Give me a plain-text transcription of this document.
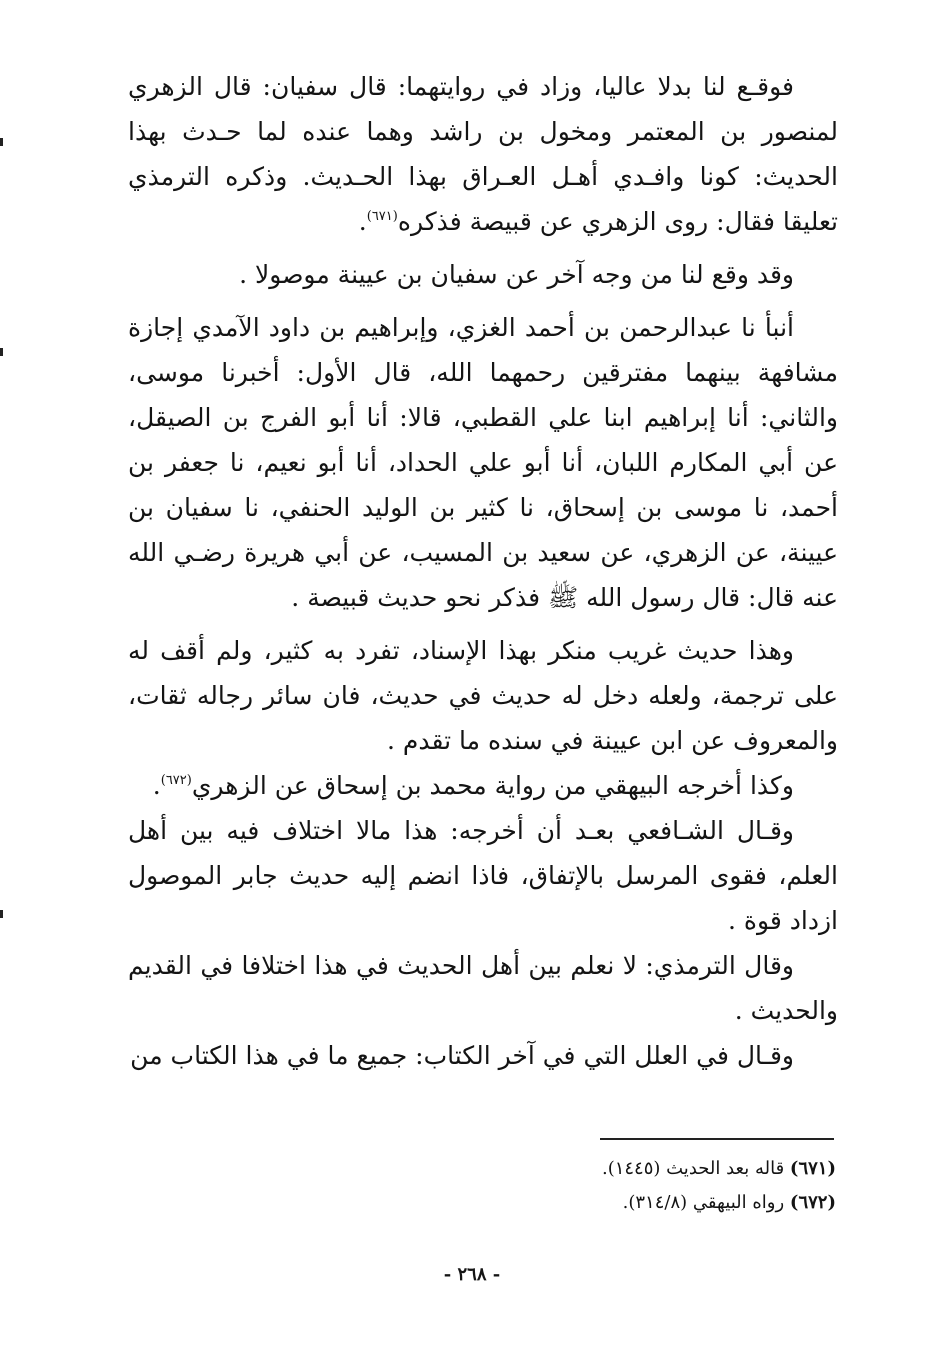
فوقـع لنا بدلا عاليا، وزاد في روايتهما: قال سفيان: قال الزهري لمنصور بن المعتمر ومخول بن راشد وهما عنده لما حـدث بهذا الحديث: كونا وافـدي أهـل العـراق بهذا الحـديث. وذكره الترمذي تعليقا فقال: روى الزهري عن قبيصة فذكره$^{(٦٧١)}$.

وقد وقع لنا من وجه آخر عن سفيان بن عيينة موصولا .

أنبأ نا عبدالرحمن بن أحمد الغزي، وإبراهيم بن داود الآمدي إجازة مشافهة بينهما مفترقين رحمهما الله، قال الأول: أخبرنا موسى، والثاني: أنا إبراهيم ابنا علي القطبي، قالا: أنا أبو الفرج بن الصيقل، عن أبي المكارم اللبان، أنا أبو علي الحداد، أنا أبو نعيم، نا جعفر بن أحمد، نا موسى بن إسحاق، نا كثير بن الوليد الحنفي، نا سفيان بن عيينة، عن الزهري، عن سعيد بن المسيب، عن أبي هريرة رضـي الله عنه قال: قال رسول الله ﷺ فذكر نحو حديث قبيصة .

وهذا حديث غريب منكر بهذا الإسناد، تفرد به كثير، ولم أقف له على ترجمة، ولعله دخل له حديث في حديث، فان سائر رجاله ثقات، والمعروف عن ابن عيينة في سنده ما تقدم .

وكذا أخرجه البيهقي من رواية محمد بن إسحاق عن الزهري$^{(٦٧٢)}$.

وقـال الشـافعي بعـد أن أخرجه: هذا مالا اختلاف فيه بين أهل العلم، فقوى المرسل بالإتفاق، فاذا انضم إليه حديث جابر الموصول ازداد قوة .

وقال الترمذي: لا نعلم بين أهل الحديث في هذا اختلافا في القديم والحديث .

وقـال في العلل التي في آخر الكتاب: جميع ما في هذا الكتاب من

(٦٧١) قاله بعد الحديث (١٤٤٥).

(٦٧٢) رواه البيهقي (٣١٤/٨).

- ٢٦٨ -
